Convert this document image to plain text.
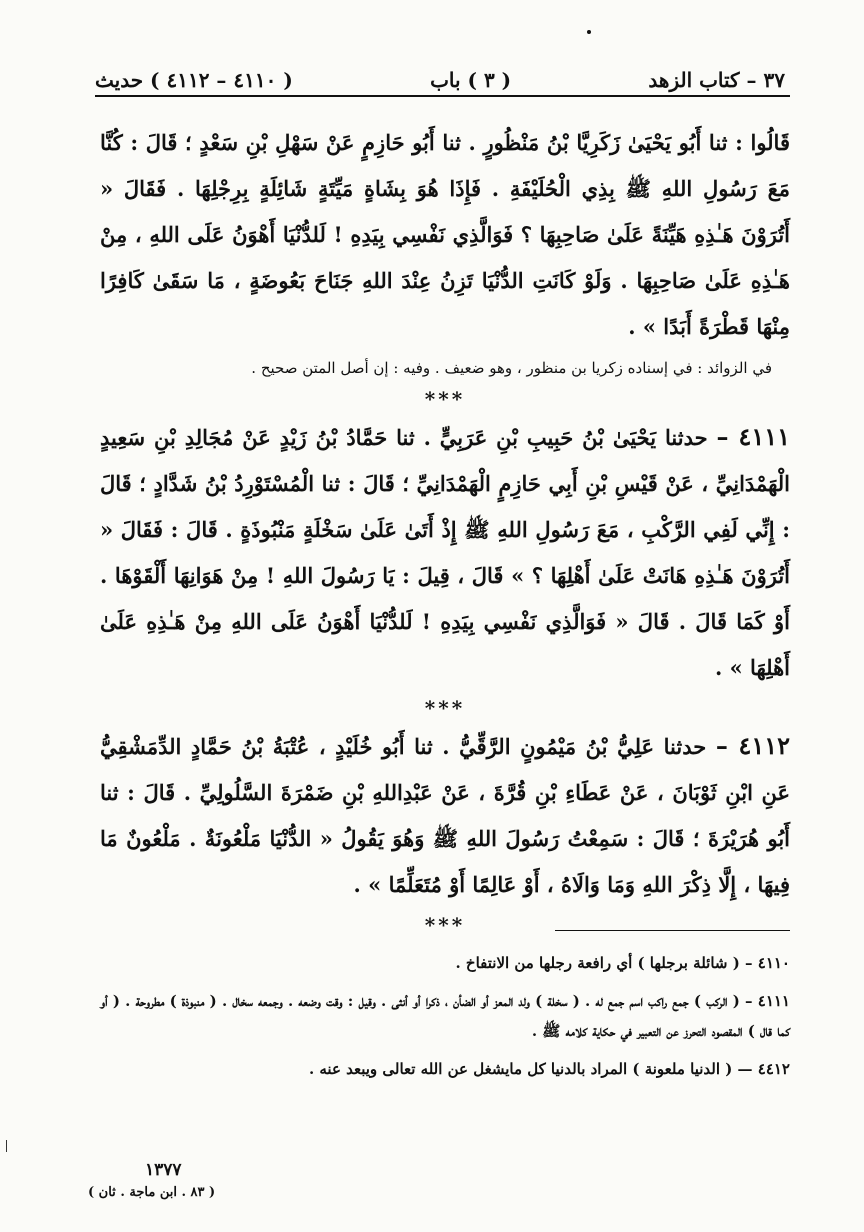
٣٧ – كتاب الزهد
( ٣ ) باب
( ٤١١٠ – ٤١١٢ ) حديث

قَالُوا : ثنا أَبُو يَحْيَىٰ زَكَرِيَّا بْنُ مَنْظُورٍ . ثنا أَبُو حَازِمٍ عَنْ سَهْلِ بْنِ سَعْدٍ ؛ قَالَ : كُنَّا مَعَ رَسُولِ اللهِ ﷺ بِذِي الْحُلَيْفَةِ . فَإِذَا هُوَ بِشَاةٍ مَيِّتَةٍ شَائِلَةٍ بِرِجْلِهَا . فَقَالَ « أَتُرَوْنَ هَـٰذِهِ هَيِّنَةً عَلَىٰ صَاحِبِهَا ؟ فَوَالَّذِي نَفْسِي بِيَدِهِ ! لَلدُّنْيَا أَهْوَنُ عَلَى اللهِ ، مِنْ هَـٰذِهِ عَلَىٰ صَاحِبِهَا . وَلَوْ كَانَتِ الدُّنْيَا تَزِنُ عِنْدَ اللهِ جَنَاحَ بَعُوضَةٍ ، مَا سَقَىٰ كَافِرًا مِنْهَا قَطْرَةً أَبَدًا » .

في الزوائد : في إسناده زكريا بن منظور ، وهو ضعيف . وفيه : إن أصل المتن صحيح .

***

٤١١١ – حدثنا يَحْيَىٰ بْنُ حَبِيبِ بْنِ عَرَبِيٍّ . ثنا حَمَّادُ بْنُ زَيْدٍ عَنْ مُجَالِدِ بْنِ سَعِيدٍ الْهَمْدَانِيِّ ، عَنْ قَيْسِ بْنِ أَبِي حَازِمٍ الْهَمْدَانِيِّ ؛ قَالَ : ثنا الْمُسْتَوْرِدُ بْنُ شَدَّادٍ ؛ قَالَ : إِنِّي لَفِي الرَّكْبِ ، مَعَ رَسُولِ اللهِ ﷺ إِذْ أَتَىٰ عَلَىٰ سَخْلَةٍ مَنْبُوذَةٍ . قَالَ : فَقَالَ « أَتُرَوْنَ هَـٰذِهِ هَانَتْ عَلَىٰ أَهْلِهَا ؟ » قَالَ ، قِيلَ : يَا رَسُولَ اللهِ ! مِنْ هَوَانِهَا أَلْقَوْهَا . أَوْ كَمَا قَالَ . قَالَ « فَوَالَّذِي نَفْسِي بِيَدِهِ ! لَلدُّنْيَا أَهْوَنُ عَلَى اللهِ مِنْ هَـٰذِهِ عَلَىٰ أَهْلِهَا » .

***

٤١١٢ – حدثنا عَلِيُّ بْنُ مَيْمُونٍ الرَّقِّيُّ . ثنا أَبُو خُلَيْدٍ ، عُتْبَةُ بْنُ حَمَّادٍ الدِّمَشْقِيُّ عَنِ ابْنِ ثَوْبَانَ ، عَنْ عَطَاءِ بْنِ قُرَّةَ ، عَنْ عَبْدِاللهِ بْنِ ضَمْرَةَ السَّلُولِيِّ . قَالَ : ثنا أَبُو هُرَيْرَةَ ؛ قَالَ : سَمِعْتُ رَسُولَ اللهِ ﷺ وَهُوَ يَقُولُ « الدُّنْيَا مَلْعُونَةٌ . مَلْعُونٌ مَا فِيهَا ، إِلَّا ذِكْرَ اللهِ وَمَا وَالَاهُ ، أَوْ عَالِمًا أَوْ مُتَعَلِّمًا » .

***

٤١١٠ – ( شائلة برجلها ) أي رافعة رجلها من الانتفاخ .

٤١١١ – ( الركب ) جمع راكب اسم جمع له . ( سخلة ) ولد المعز أو الضأن ، ذكرا أو أنثى . وقيل : وقت وضعه . وجمعه سخال . ( منبوذة ) مطروحة . ( أو كما قال ) المقصود التحرز عن التعبير في حكاية كلامه ﷺ .

٤٤١٢ — ( الدنيا ملعونة ) المراد بالدنيا كل مايشغل عن الله تعالى ويبعد عنه .

١٣٧٧
( ٨٣ . ابن ماجة . ثان )
